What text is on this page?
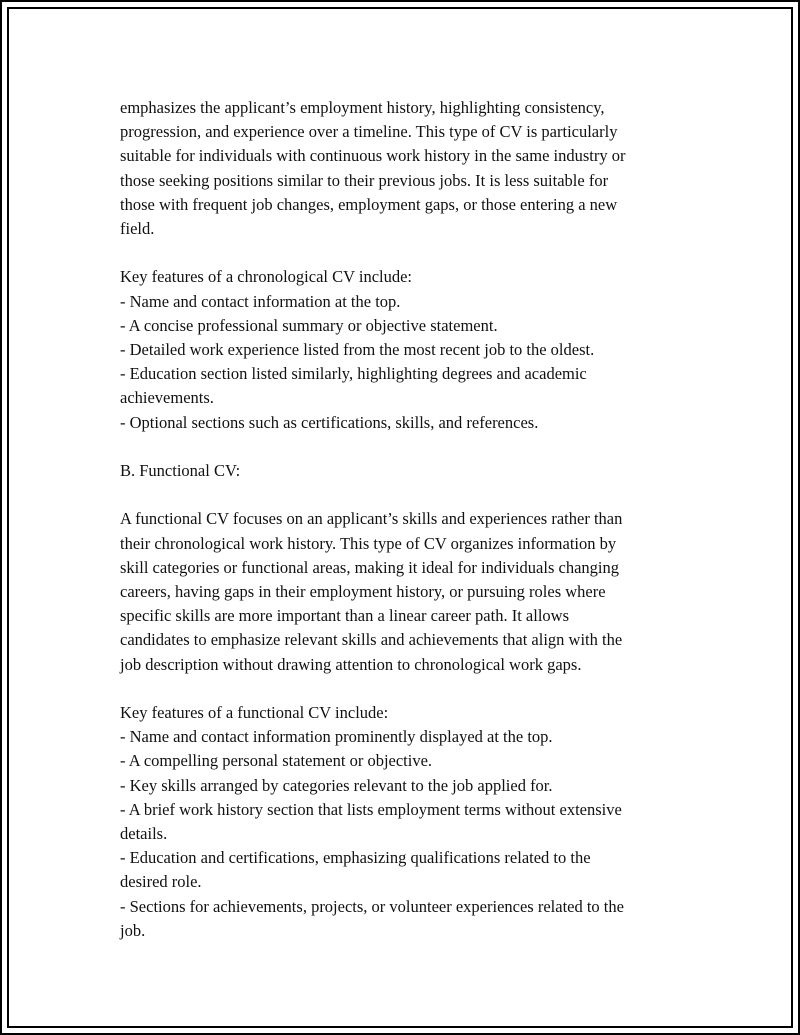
emphasizes the applicant’s employment history, highlighting consistency,
progression, and experience over a timeline. This type of CV is particularly
suitable for individuals with continuous work history in the same industry or
those seeking positions similar to their previous jobs. It is less suitable for
those with frequent job changes, employment gaps, or those entering a new
field.

Key features of a chronological CV include:

- Name and contact information at the top.

- A concise professional summary or objective statement.

- Detailed work experience listed from the most recent job to the oldest.

- Education section listed similarly, highlighting degrees and academic
achievements.

- Optional sections such as certifications, skills, and references.

B. Functional CV:

A functional CV focuses on an applicant’s skills and experiences rather than
their chronological work history. This type of CV organizes information by
skill categories or functional areas, making it ideal for individuals changing
careers, having gaps in their employment history, or pursuing roles where
specific skills are more important than a linear career path. It allows
candidates to emphasize relevant skills and achievements that align with the
job description without drawing attention to chronological work gaps.

Key features of a functional CV include:

- Name and contact information prominently displayed at the top.

- A compelling personal statement or objective.

- Key skills arranged by categories relevant to the job applied for.

- A brief work history section that lists employment terms without extensive
details.

- Education and certifications, emphasizing qualifications related to the
desired role.

- Sections for achievements, projects, or volunteer experiences related to the
job.
